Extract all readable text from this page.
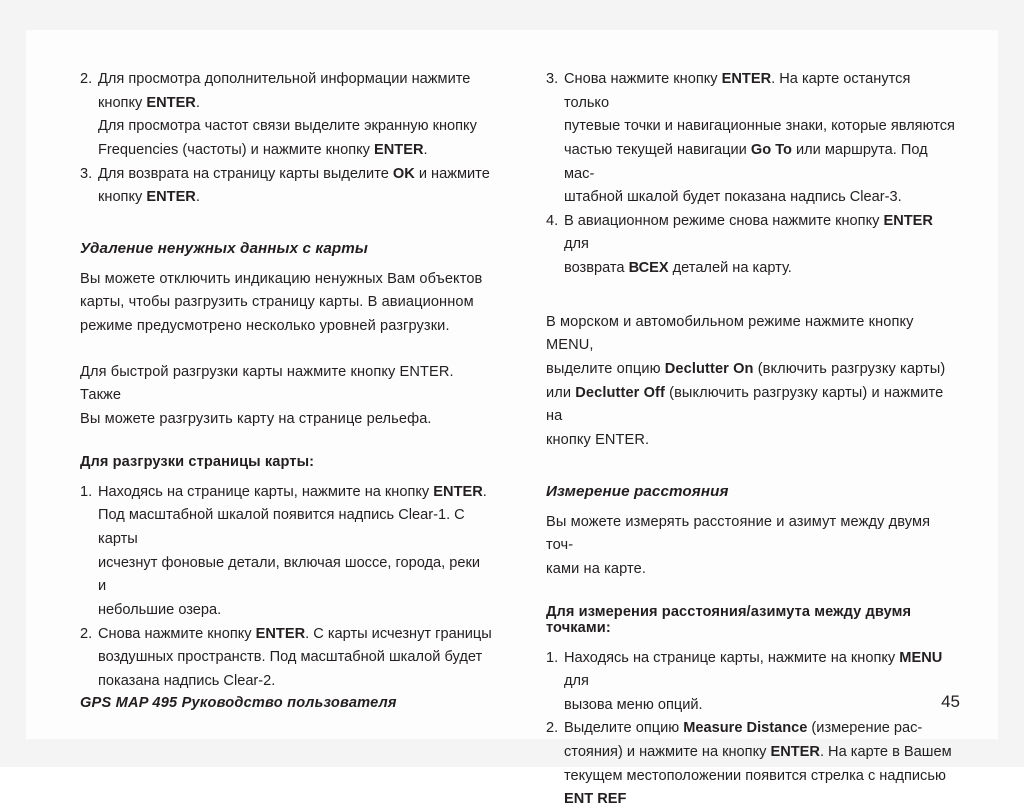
2. Для просмотра дополнительной информации нажмите
кнопку ENTER.
Для просмотра частот связи выделите экранную кнопку
Frequencies (частоты) и нажмите кнопку ENTER.
3. Для возврата на страницу карты выделите OK и нажмите
кнопку ENTER.
Удаление ненужных данных с карты

Вы можете отключить индикацию ненужных Вам объектов
карты, чтобы разгрузить страницу карты. В авиационном
режиме предусмотрено несколько уровней разгрузки.

Для быстрой разгрузки карты нажмите кнопку ENTER. Также
Вы можете разгрузить карту на странице рельефа.

Для разгрузки страницы карты:
1. Находясь на странице карты, нажмите на кнопку ENTER.
Под масштабной шкалой появится надпись Clear-1. С карты
исчезнут фоновые детали, включая шоссе, города, реки и
небольшие озера.
2. Снова нажмите кнопку ENTER. С карты исчезнут границы
воздушных пространств. Под масштабной шкалой будет
показана надпись Clear-2.
3. Снова нажмите кнопку ENTER. На карте останутся только
путевые точки и навигационные знаки, которые являются
частью текущей навигации Go To или маршрута. Под мас-
штабной шкалой будет показана надпись Clear-3.
4. В авиационном режиме снова нажмите кнопку ENTER для
возврата ВСЕХ деталей на карту.

В морском и автомобильном режиме нажмите кнопку MENU,
выделите опцию Declutter On (включить разгрузку карты)
или Declutter Off (выключить разгрузку карты) и нажмите на
кнопку ENTER.

Измерение расстояния

Вы можете измерять расстояние и азимут между двумя точ-
ками на карте.

Для измерения расстояния/азимута между двумя точками:
1. Находясь на странице карты, нажмите на кнопку MENU для
вызова меню опций.
2. Выделите опцию Measure Distance (измерение рас-
стояния) и нажмите на кнопку ENTER. На карте в Вашем
текущем местоположении появится стрелка с надписью
ENT REF
GPS MAP 495 Руководство пользователя	45
